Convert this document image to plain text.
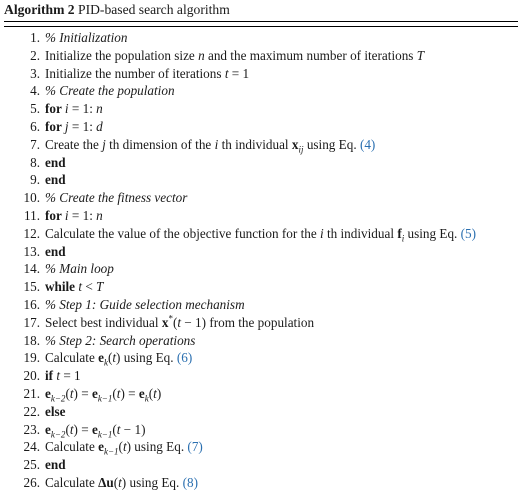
Algorithm 2 PID-based search algorithm
1. % Initialization
2. Initialize the population size n and the maximum number of iterations T
3. Initialize the number of iterations t = 1
4. % Create the population
5. for i = 1: n
6. for j = 1: d
7. Create the j th dimension of the i th individual $x_{ij}$ using Eq. (4)
8. end
9. end
10. % Create the fitness vector
11. for i = 1: n
12. Calculate the value of the objective function for the i th individual $f_i$ using Eq. (5)
13. end
14. % Main loop
15. while t < T
16. % Step 1: Guide selection mechanism
17. Select best individual x*(t − 1) from the population
18. % Step 2: Search operations
19. Calculate $e_k(t)$ using Eq. (6)
20. if t = 1
21. $e_{k-2}(t) = e_{k-1}(t) = e_k(t)$
22. else
23. $e_{k-2}(t) = e_{k-1}(t - 1)$
24. Calculate $e_{k-1}(t)$ using Eq. (7)
25. end
26. Calculate Δu(t) using Eq. (8)
